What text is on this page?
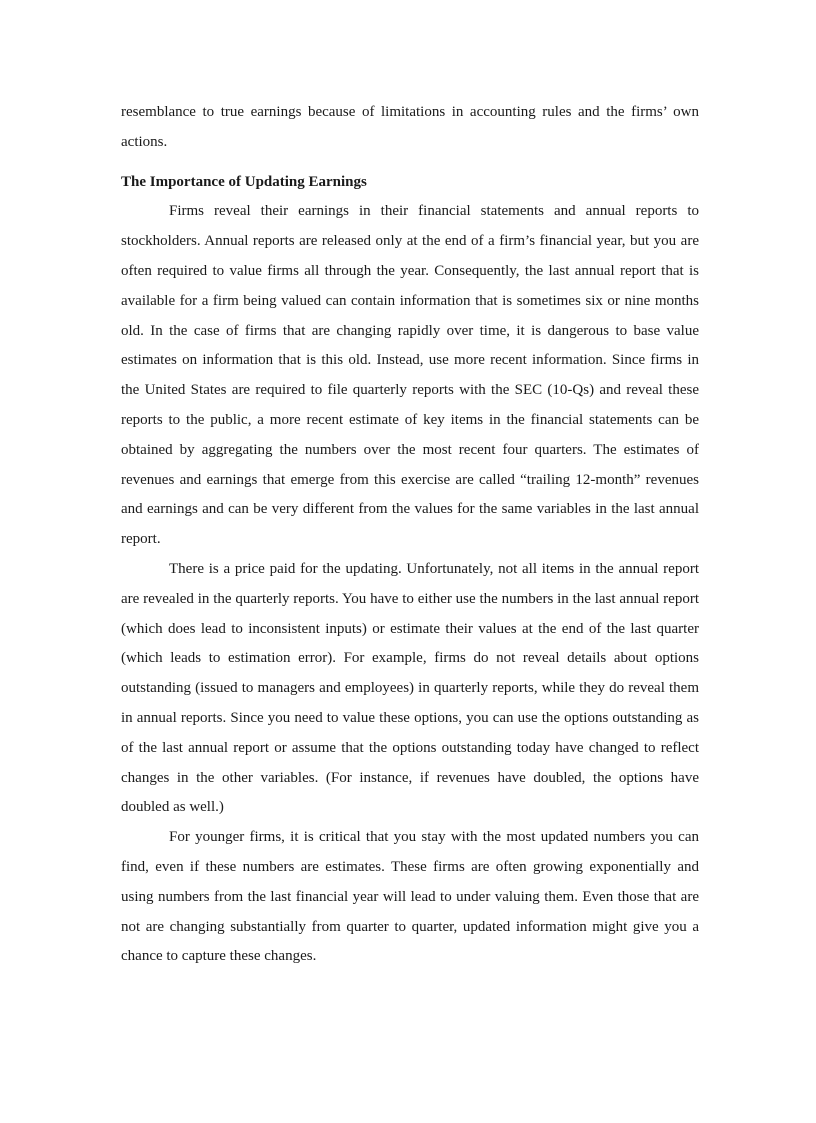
resemblance to true earnings because of limitations in accounting rules and the firms’ own actions.

The Importance of Updating Earnings

Firms reveal their earnings in their financial statements and annual reports to stockholders. Annual reports are released only at the end of a firm’s financial year, but you are often required to value firms all through the year. Consequently, the last annual report that is available for a firm being valued can contain information that is sometimes six or nine months old. In the case of firms that are changing rapidly over time, it is dangerous to base value estimates on information that is this old. Instead, use more recent information. Since firms in the United States are required to file quarterly reports with the SEC (10-Qs) and reveal these reports to the public, a more recent estimate of key items in the financial statements can be obtained by aggregating the numbers over the most recent four quarters. The estimates of revenues and earnings that emerge from this exercise are called “trailing 12-month” revenues and earnings and can be very different from the values for the same variables in the last annual report.

There is a price paid for the updating. Unfortunately, not all items in the annual report are revealed in the quarterly reports. You have to either use the numbers in the last annual report (which does lead to inconsistent inputs) or estimate their values at the end of the last quarter (which leads to estimation error). For example, firms do not reveal details about options outstanding (issued to managers and employees) in quarterly reports, while they do reveal them in annual reports. Since you need to value these options, you can use the options outstanding as of the last annual report or assume that the options outstanding today have changed to reflect changes in the other variables. (For instance, if revenues have doubled, the options have doubled as well.)

For younger firms, it is critical that you stay with the most updated numbers you can find, even if these numbers are estimates. These firms are often growing exponentially and using numbers from the last financial year will lead to under valuing them. Even those that are not are changing substantially from quarter to quarter, updated information might give you a chance to capture these changes.
